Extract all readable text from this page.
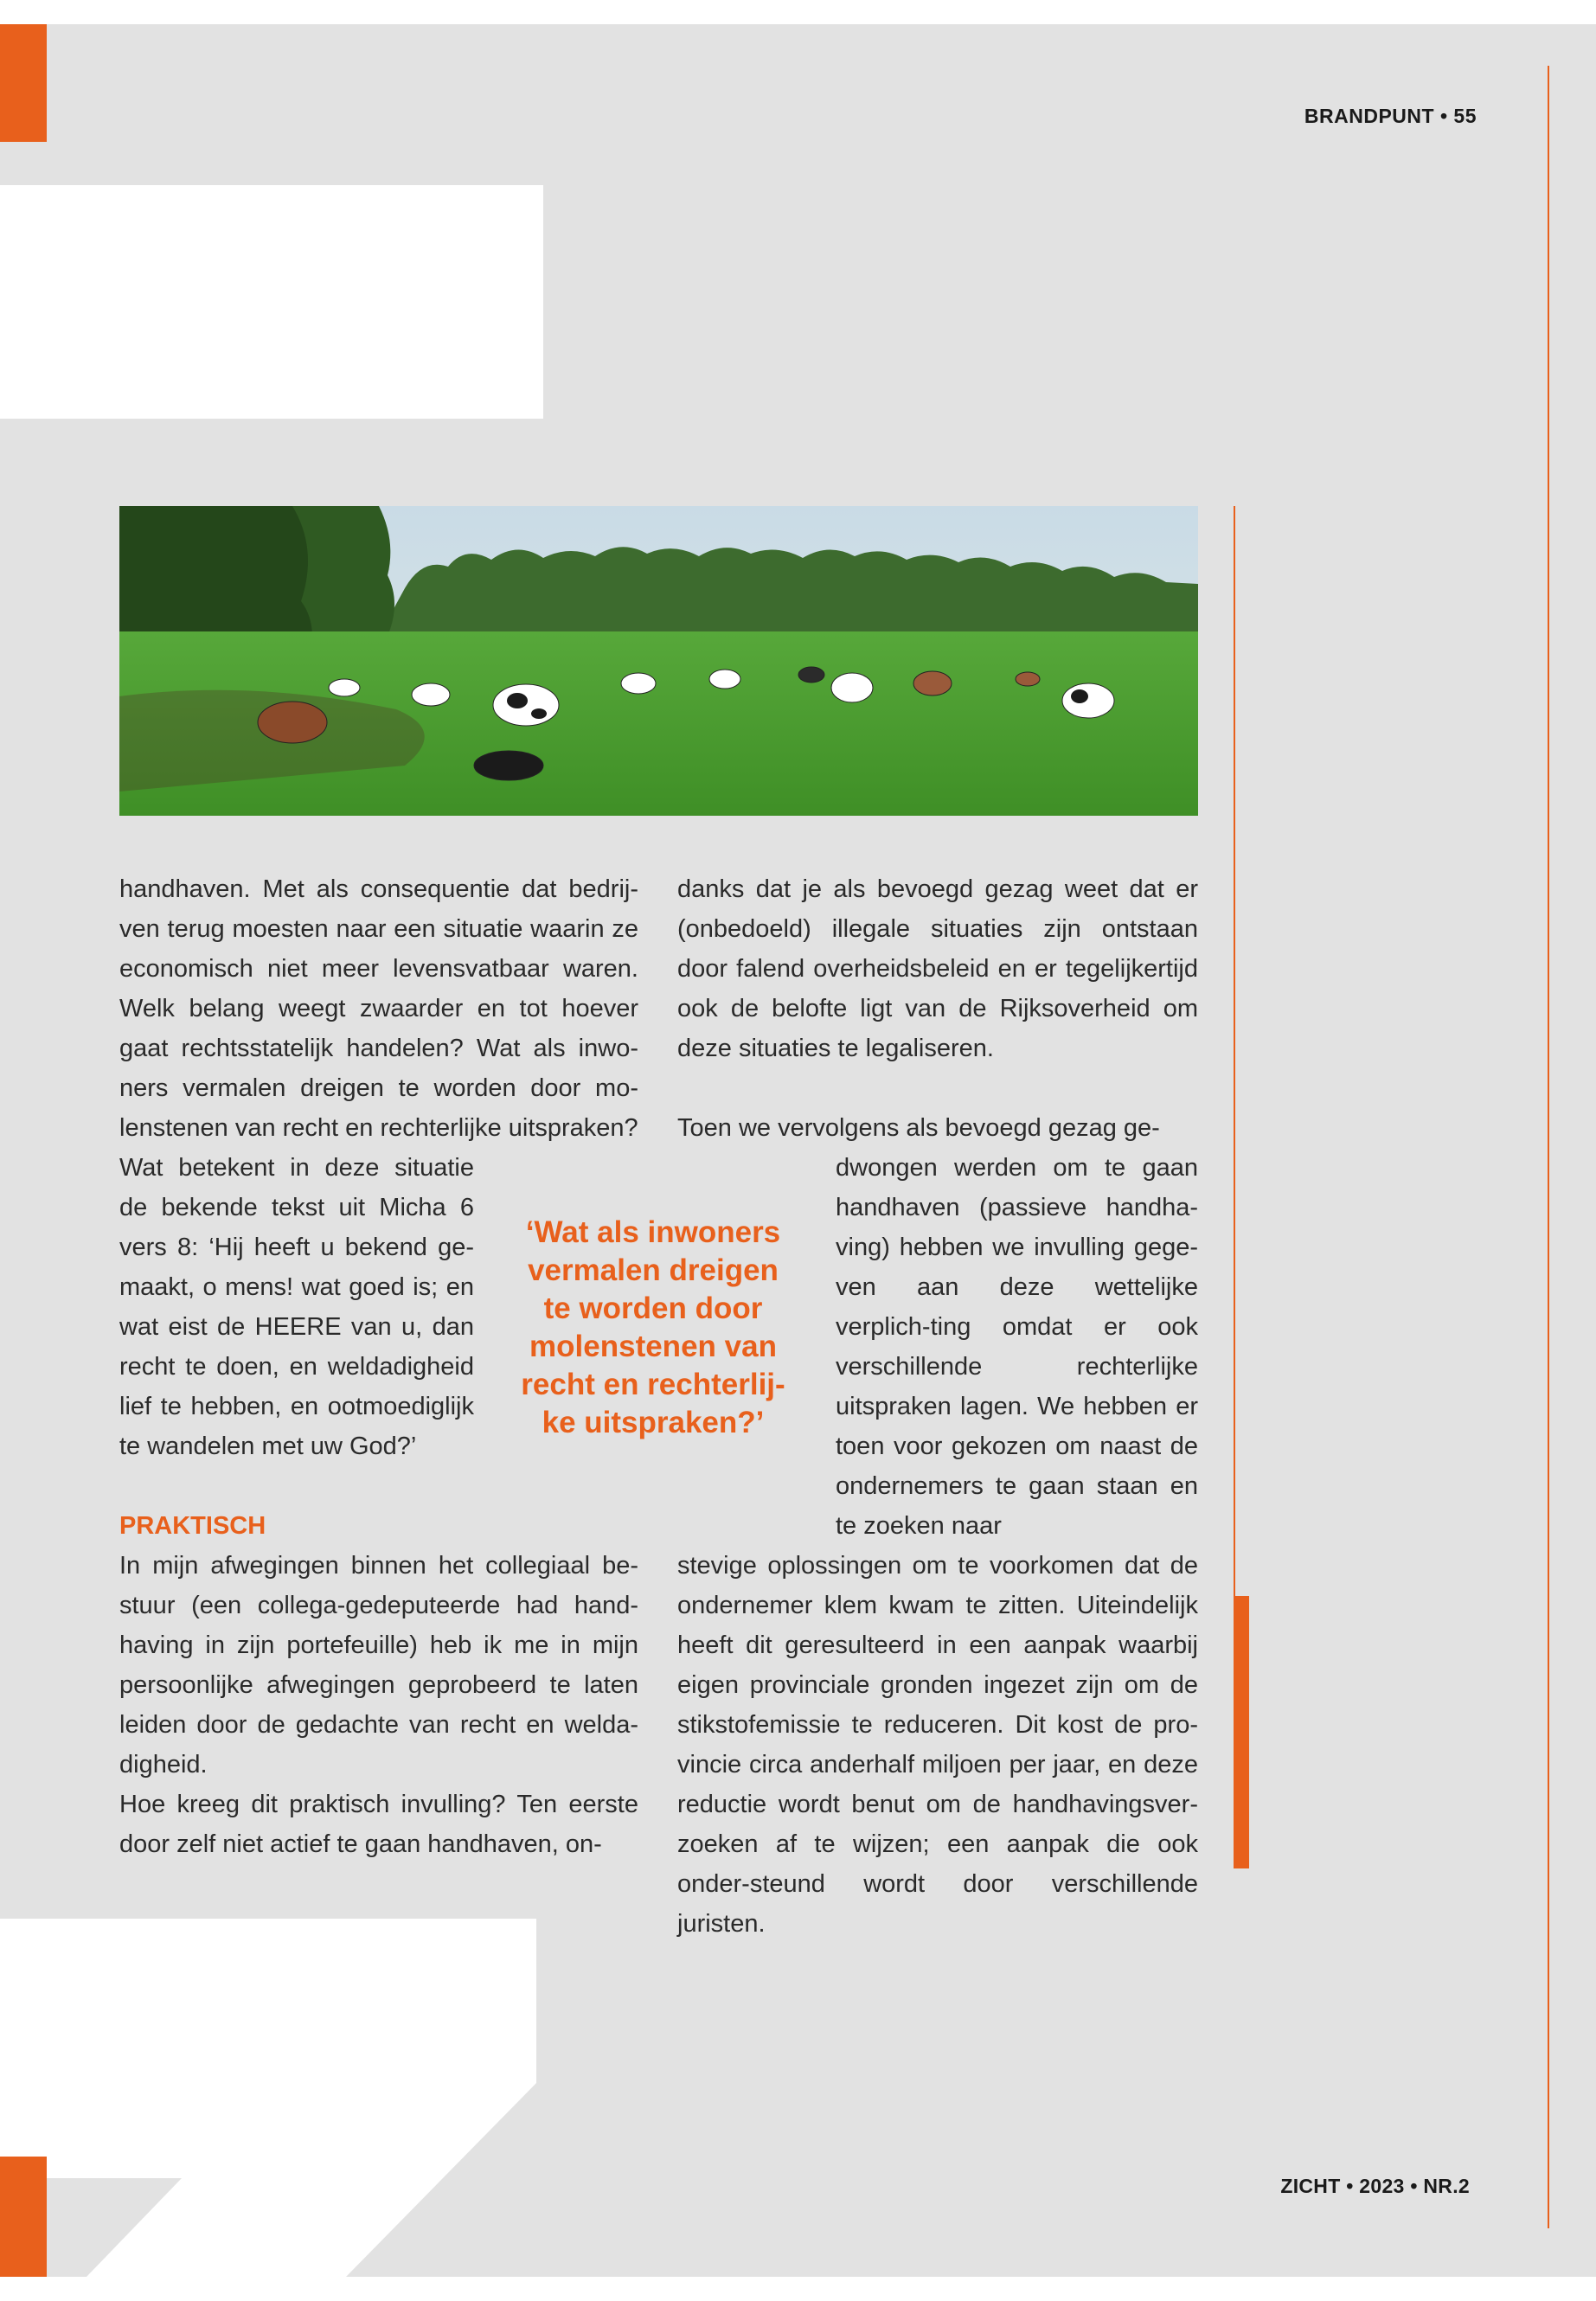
BRANDPUNT • 55

handhaven. Met als consequentie dat bedrij-ven terug moesten naar een situatie waarin ze economisch niet meer levensvatbaar waren. Welk belang weegt zwaarder en tot hoever gaat rechtsstatelijk handelen? Wat als inwo-ners vermalen dreigen te worden door mo-lenstenen van recht en rechterlijke uitspraken?

Wat betekent in deze situatie de bekende tekst uit Micha 6 vers 8: ‘Hij heeft u bekend ge-maakt, o mens! wat goed is; en wat eist de HEERE van u, dan recht te doen, en weldadigheid lief te hebben, en ootmoediglijk te wandelen met uw God?’

PRAKTISCH

In mijn afwegingen binnen het collegiaal be-stuur (een collega-gedeputeerde had hand-having in zijn portefeuille) heb ik me in mijn persoonlijke afwegingen geprobeerd te laten leiden door de gedachte van recht en welda-digheid.

Hoe kreeg dit praktisch invulling? Ten eerste door zelf niet actief te gaan handhaven, on-

‘Wat als inwoners vermalen dreigen te worden door molenstenen van recht en rechterlij-ke uitspraken?’

danks dat je als bevoegd gezag weet dat er (onbedoeld) illegale situaties zijn ontstaan door falend overheidsbeleid en er tegelijkertijd ook de belofte ligt van de Rijksoverheid om deze situaties te legaliseren.

Toen we vervolgens als bevoegd gezag ge-

dwongen werden om te gaan handhaven (passieve handha-ving) hebben we invulling gege-ven aan deze wettelijke verplich-ting omdat er ook verschillende rechterlijke uitspraken lagen. We hebben er toen voor gekozen om naast de ondernemers te gaan staan en te zoeken naar

stevige oplossingen om te voorkomen dat de ondernemer klem kwam te zitten. Uiteindelijk heeft dit geresulteerd in een aanpak waarbij eigen provinciale gronden ingezet zijn om de stikstofemissie te reduceren. Dit kost de pro-vincie circa anderhalf miljoen per jaar, en deze reductie wordt benut om de handhavingsver-zoeken af te wijzen; een aanpak die ook onder-steund wordt door verschillende juristen.

ZICHT • 2023 • NR.2
